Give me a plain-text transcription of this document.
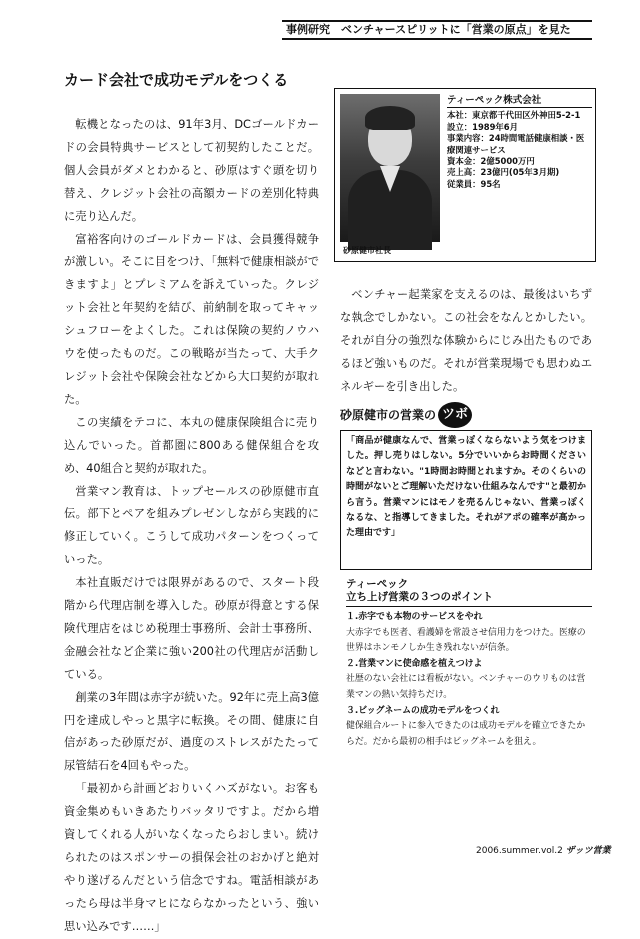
事例研究　ベンチャースピリットに「営業の原点」を見た
カード会社で成功モデルをつくる

転機となったのは、91年3月、DCゴールドカードの会員特典サービスとして初契約したことだ。個人会員がダメとわかると、砂原はすぐ頭を切り替え、クレジット会社の高額カードの差別化特典に売り込んだ。

富裕客向けのゴールドカードは、会員獲得競争が激しい。そこに目をつけ、「無料で健康相談ができますよ」とプレミアムを訴えていった。クレジット会社と年契約を結び、前納制を取ってキャッシュフローをよくした。これは保険の契約ノウハウを使ったものだ。この戦略が当たって、大手クレジット会社や保険会社などから大口契約が取れた。

この実績をテコに、本丸の健康保険組合に売り込んでいった。首都圏に800ある健保組合を攻め、40組合と契約が取れた。

営業マン教育は、トップセールスの砂原健市直伝。部下とペアを組みプレゼンしながら実践的に修正していく。こうして成功パターンをつくっていった。

本社直販だけでは限界があるので、スタート段階から代理店制を導入した。砂原が得意とする保険代理店をはじめ税理士事務所、会計士事務所、金融会社など企業に強い200社の代理店が活動している。

創業の3年間は赤字が続いた。92年に売上高3億円を達成しやっと黒字に転換。その間、健康に自信があった砂原だが、過度のストレスがたたって尿管結石を4回もやった。

「最初から計画どおりいくハズがない。お客も資金集めもいきあたりバッタリですよ。だから増資してくれる人がいなくなったらおしまい。続けられたのはスポンサーの損保会社のおかげと絶対やり遂げるんだという信念ですね。電話相談があったら母は半身マヒにならなかったという、強い思い込みです……」

砂原健市社長
ティーペック株式会社
本社：東京都千代田区外神田5-2-1
設立：1989年6月
事業内容：24時間電話健康相談・医療関連サービス
資本金：2億5000万円
売上高：23億円(05年3月期)
従業員：95名

ベンチャー起業家を支えるのは、最後はいちずな執念でしかない。この社会をなんとかしたい。それが自分の強烈な体験からにじみ出たものであるほど強いものだ。それが営業現場でも思わぬエネルギーを引き出した。

砂原健市の営業の ツボ
「商品が健康なんで、営業っぽくならないよう気をつけました。押し売りはしない。5分でいいからお時間くださいなどと言わない。"1時間お時間とれますか。そのくらいの時間がないとご理解いただけない仕組みなんです"と最初から言う。営業マンにはモノを売るんじゃない、営業っぽくなるな、と指導してきました。それがアポの確率が高かった理由です」
ティーペック
立ち上げ営業の３つのポイント
１.赤字でも本物のサービスをやれ
大赤字でも医者、看護婦を常設させ信用力をつけた。医療の世界はホンモノしか生き残れないが信条。
２.営業マンに使命感を植えつけよ
社歴のない会社には看板がない。ベンチャーのウリものは営業マンの熱い気持ちだけ。
３.ビッグネームの成功モデルをつくれ
健保組合ルートに参入できたのは成功モデルを確立できたからだ。だから最初の相手はビッグネームを狙え。
2006.summer.vol.2 ザッツ営業
